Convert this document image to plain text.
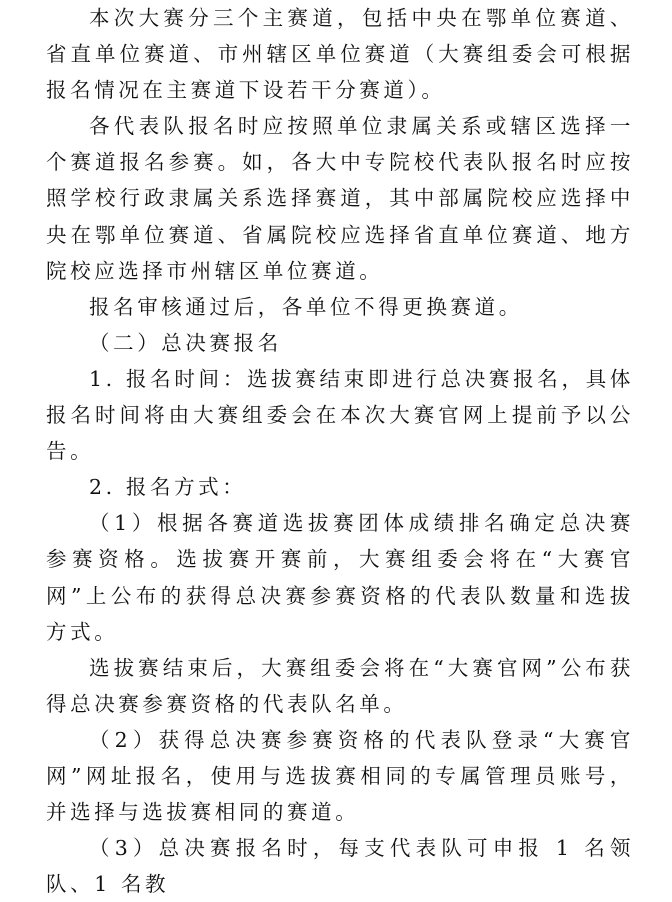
本次大赛分三个主赛道，包括中央在鄂单位赛道、省直单位赛道、市州辖区单位赛道（大赛组委会可根据报名情况在主赛道下设若干分赛道）。

各代表队报名时应按照单位隶属关系或辖区选择一个赛道报名参赛。如，各大中专院校代表队报名时应按照学校行政隶属关系选择赛道，其中部属院校应选择中央在鄂单位赛道、省属院校应选择省直单位赛道、地方院校应选择市州辖区单位赛道。

报名审核通过后，各单位不得更换赛道。

（二）总决赛报名

1. 报名时间：选拔赛结束即进行总决赛报名，具体报名时间将由大赛组委会在本次大赛官网上提前予以公告。

2. 报名方式：

（1）根据各赛道选拔赛团体成绩排名确定总决赛参赛资格。选拔赛开赛前，大赛组委会将在“大赛官网”上公布的获得总决赛参赛资格的代表队数量和选拔方式。

选拔赛结束后，大赛组委会将在“大赛官网”公布获得总决赛参赛资格的代表队名单。

（2）获得总决赛参赛资格的代表队登录“大赛官网”网址报名，使用与选拔赛相同的专属管理员账号，并选择与选拔赛相同的赛道。

（3）总决赛报名时，每支代表队可申报 1 名领队、1 名教
